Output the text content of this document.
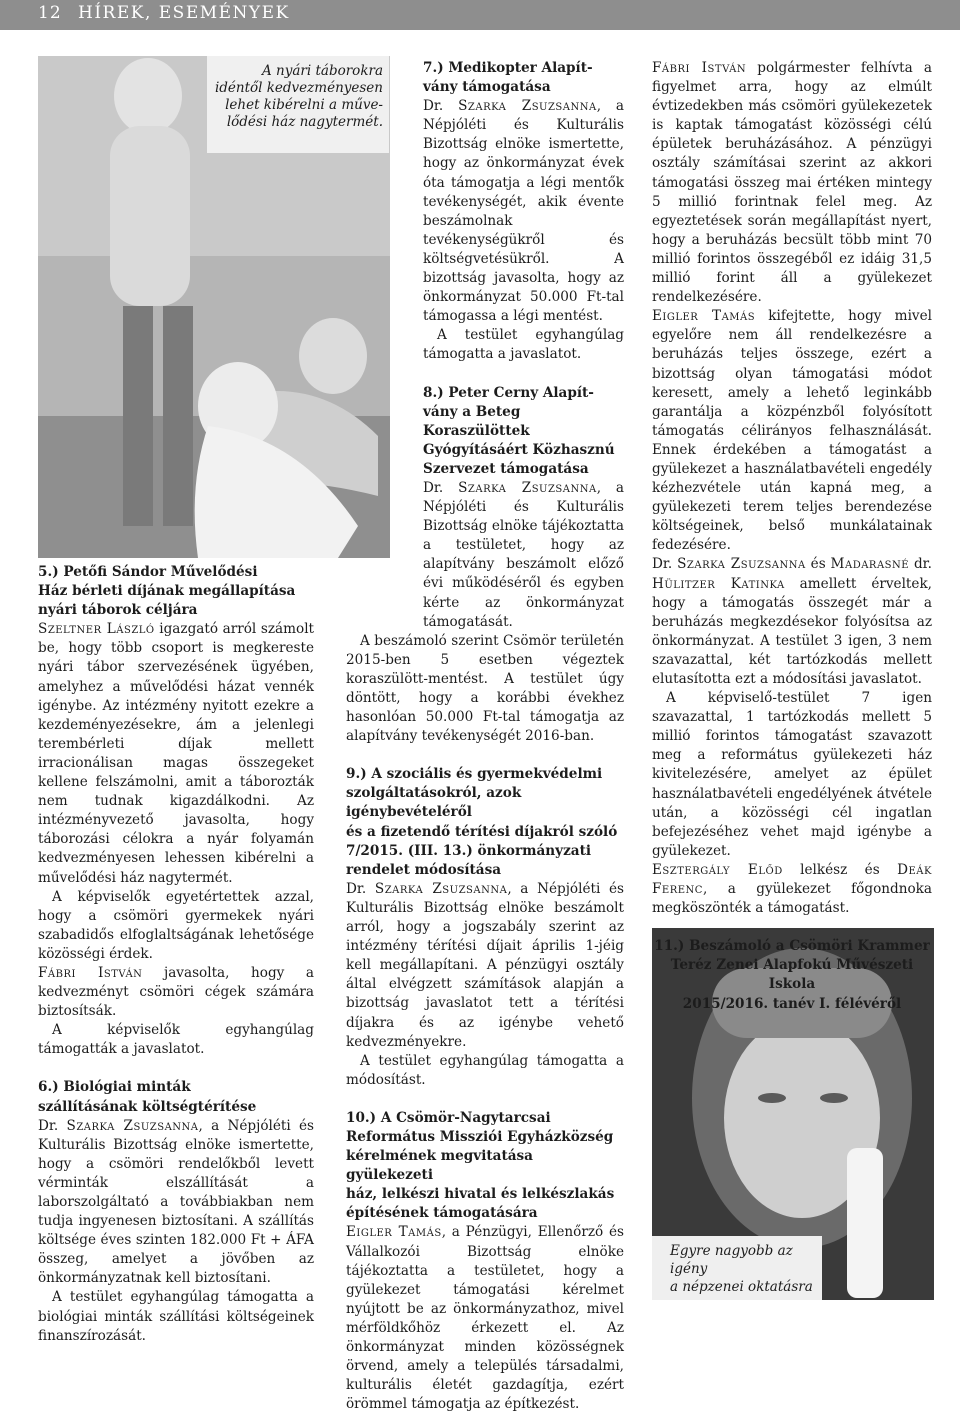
12 HÍREK, ESEMÉNYEK
A nyári táborokra
idéntől kedvezményesen
lehet kibérelni a műve-
lődési ház nagytermét.
Egyre nagyobb az igény
a népzenei oktatásra
5.) Petőfi Sándor Művelődési
Ház bérleti díjának megállapítása
nyári táborok céljára

Szeltner László igazgató arról számolt be, hogy több csoport is megkereste nyári tábor szervezésének ügyében, amelyhez a művelődési házat vennék igénybe. Az intézmény nyitott ezekre a kezdeményezésekre, ám a jelenlegi terembérleti díjak mellett irracionálisan magas összegeket kellene felszámolni, amit a táborozták nem tudnak kigazdálkodni. Az intézményvezető javasolta, hogy táborozási célokra a nyár folyamán kedvezményesen lehessen kibérelni a művelődési ház nagytermét.

A képviselők egyetértettek azzal, hogy a csömöri gyermekek nyári szabadidős elfoglaltságának lehetősége közösségi érdek.

Fábri István javasolta, hogy a kedvezményt csömöri cégek számára biztosítsák.

A képviselők egyhangúlag támogatták a javaslatot.

6.) Biológiai minták
szállításának költségtérítése

Dr. Szarka Zsuzsanna, a Népjóléti és Kulturális Bizottság elnöke ismertette, hogy a csömöri rendelőkből levett vérminták elszállítását a laborszolgáltató a továbbiakban nem tudja ingyenesen biztosítani. A szállítás költsége éves szinten 182.000 Ft + ÁFA összeg, amelyet a jövőben az önkormányzatnak kell biztosítani.

A testület egyhangúlag támogatta a biológiai minták szállítási költségeinek finanszírozását.

7.) Medikopter Alapít-
vány támogatása

Dr. Szarka Zsuzsanna, a Népjóléti és Kulturális Bizottság elnöke ismertette, hogy az önkormányzat évek óta támogatja a légi mentők tevékenységét, akik évente beszámolnak tevékenységükről és költségvetésükről. A bizottság javasolta, hogy az önkormányzat 50.000 Ft-tal támogassa a légi mentést.

A testület egyhangúlag támogatta a javaslatot.

8.) Peter Cerny Alapít-
vány a Beteg Koraszülöttek
Gyógyításáért Közhasznú
Szervezet támogatása

Dr. Szarka Zsuzsanna, a Népjóléti és Kulturális Bizottság elnöke tájékoztatta a testületet, hogy az alapítvány beszámolt előző évi működéséről és egyben kérte az önkormányzat támogatását.

A beszámoló szerint Csömör területén 2015-ben 5 esetben végeztek koraszülött-mentést. A testület úgy döntött, hogy a korábbi évekhez hasonlóan 50.000 Ft-tal támogatja az alapítvány tevékenységét 2016-ban.

9.) A szociális és gyermekvédelmi
szolgáltatásokról, azok igénybevételéről
és a fizetendő térítési díjakról szóló
7/2015. (III. 13.) önkormányzati
rendelet módosítása

Dr. Szarka Zsuzsanna, a Népjóléti és Kulturális Bizottság elnöke beszámolt arról, hogy a jogszabály szerint az intézmény térítési díjait április 1-jéig kell megállapítani. A pénzügyi osztály által elvégzett számítások alapján a bizottság javaslatot tett a térítési díjakra és az igénybe vehető kedvezményekre.

A testület egyhangúlag támogatta a módosítást.

10.) A Csömör-Nagytarcsai
Református Missziói Egyházközség
kérelmének megvitatása gyülekezeti
ház, lelkészi hivatal és lelkészlakás
építésének támogatására

Eigler Tamás, a Pénzügyi, Ellenőrző és Vállalkozói Bizottság elnöke tájékoztatta a testületet, hogy a gyülekezet támogatási kérelmet nyújtott be az önkormányzathoz, mivel mérföldkőhöz érkezett el. Az önkormányzat minden közösségnek örvend, amely a település társadalmi, kulturális életét gazdagítja, ezért örömmel támogatja az építkezést.

Fábri István polgármester felhívta a figyelmet arra, hogy az elmúlt évtizedekben más csömöri gyülekezetek is kaptak támogatást közösségi célú épületek beruházásához. A pénzügyi osztály számításai szerint az akkori támogatási összeg mai értéken mintegy 5 millió forintnak felel meg. Az egyeztetések során megállapítást nyert, hogy a beruházás becsült több mint 70 millió forintos összegéből ez idáig 31,5 millió forint áll a gyülekezet rendelkezésére.

Eigler Tamás kifejtette, hogy mivel egyelőre nem áll rendelkezésre a beruházás teljes összege, ezért a bizottság olyan támogatási módot keresett, amely a lehető leginkább garantálja a közpénzből folyósított támogatás célirányos felhasználását. Ennek érdekében a támogatást a gyülekezet a használatbavételi engedély kézhezvétele után kapná meg, a gyülekezeti terem teljes berendezése költségeinek, belső munkálatainak fedezésére.

Dr. Szarka Zsuzsanna és Madarasné dr. Hülitzer Katinka amellett érveltek, hogy a támogatás összegét már a beruházás megkezdésekor folyósítsa az önkormányzat. A testület 3 igen, 3 nem szavazattal, két tartózkodás mellett elutasította ezt a módosítási javaslatot.

A képviselő-testület 7 igen szavazattal, 1 tartózkodás mellett 5 millió forintos támogatást szavazott meg a református gyülekezeti ház kivitelezésére, amelyet az épület használatbavételi engedélyének átvétele után, a közösségi cél ingatlan befejezéséhez vehet majd igénybe a gyülekezet.

Esztergály Előd lelkész és Deák Ferenc, a gyülekezet főgondnoka megköszönték a támogatást.

11.) Beszámoló a Csömöri Krammer
Teréz Zenei Alapfokú Művészeti Iskola
2015/2016. tanév I. félévéről
